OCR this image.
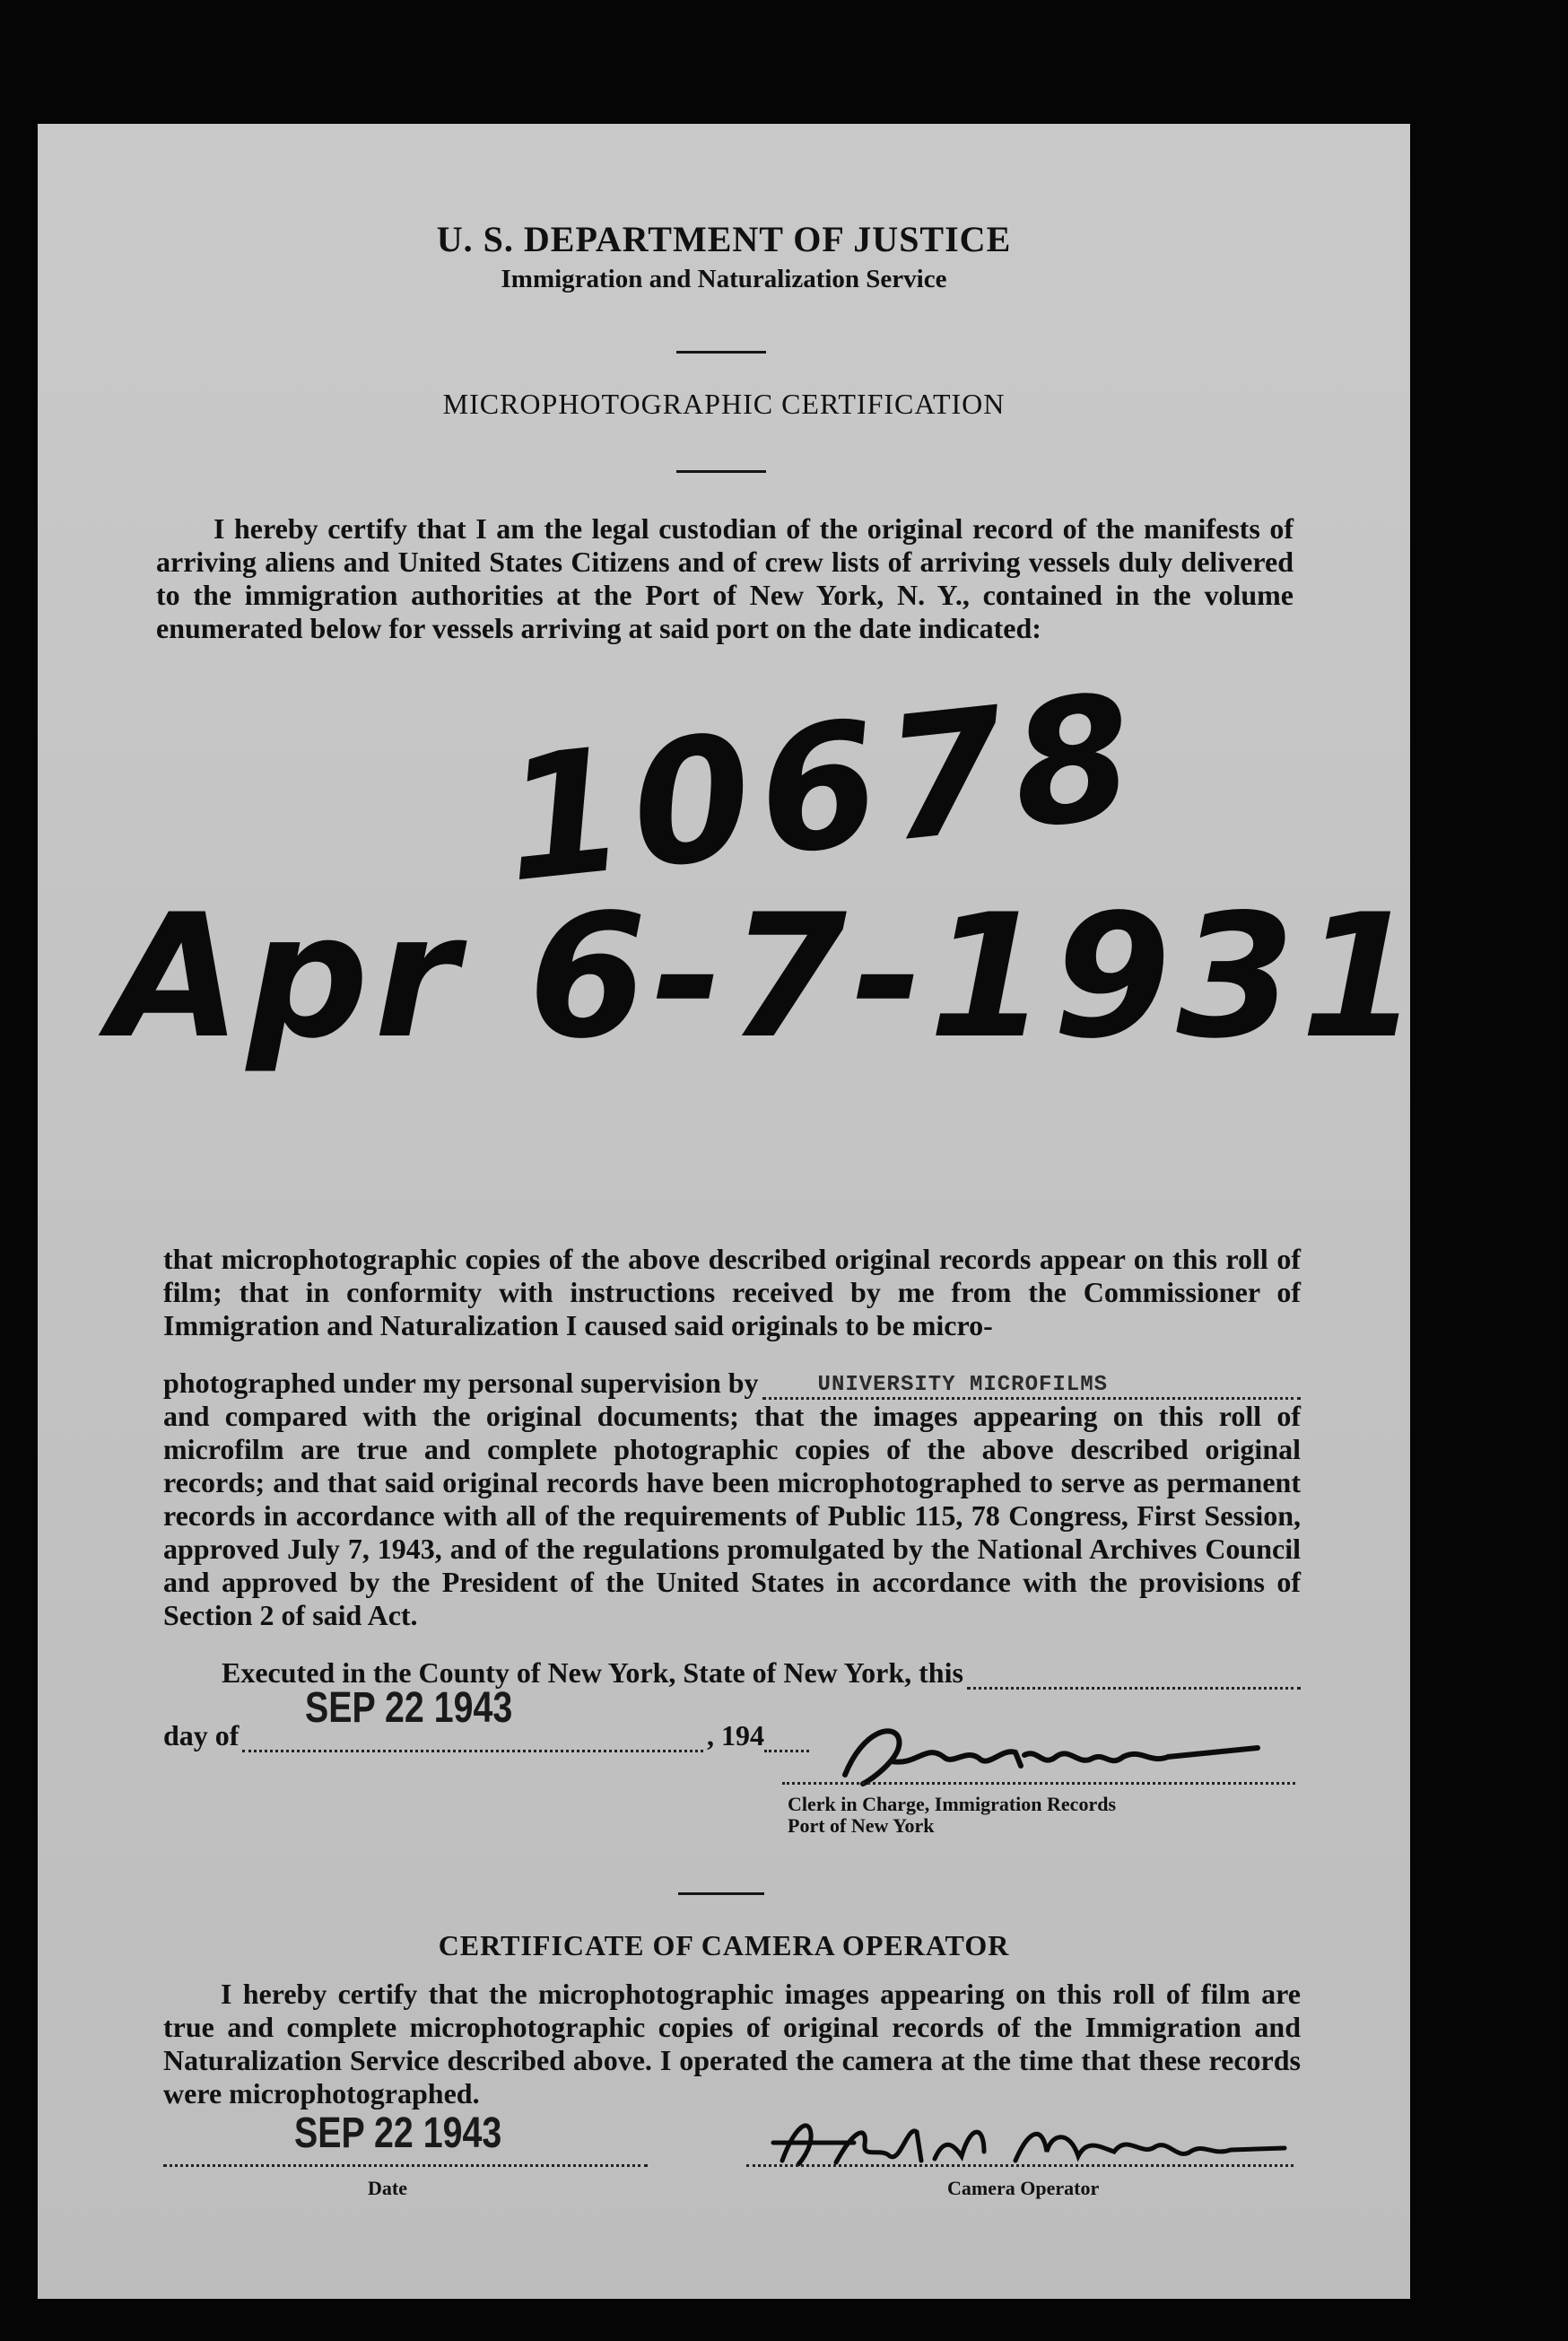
U. S. DEPARTMENT OF JUSTICE
Immigration and Naturalization Service
MICROPHOTOGRAPHIC CERTIFICATION
I hereby certify that I am the legal custodian of the original record of the manifests of arriving aliens and United States Citizens and of crew lists of arriving vessels duly delivered to the immigration authorities at the Port of New York, N. Y., contained in the volume enumerated below for vessels arriving at said port on the date indicated:
10678
Apr 6-7-1931
that microphotographic copies of the above described original records appear on this roll of film; that in conformity with instructions received by me from the Commissioner of Immigration and Naturalization I caused said originals to be micro-
photographed under my personal supervision by	UNIVERSITY MICROFILMS
and compared with the original documents; that the images appearing on this roll of microfilm are true and complete photographic copies of the above described original records; and that said original records have been microphotographed to serve as permanent records in accordance with all of the requirements of Public 115, 78 Congress, First Session, approved July 7, 1943, and of the regulations promulgated by the National Archives Council and approved by the President of the United States in accordance with the provisions of Section 2 of said Act.
Executed in the County of New York, State of New York, this
SEP 22 1943
day of	, 194
Clerk in Charge, Immigration Records
Port of New York
CERTIFICATE OF CAMERA OPERATOR
I hereby certify that the microphotographic images appearing on this roll of film are true and complete microphotographic copies of original records of the Immigration and Naturalization Service described above. I operated the camera at the time that these records were microphotographed.
SEP 22 1943
Date	Camera Operator
